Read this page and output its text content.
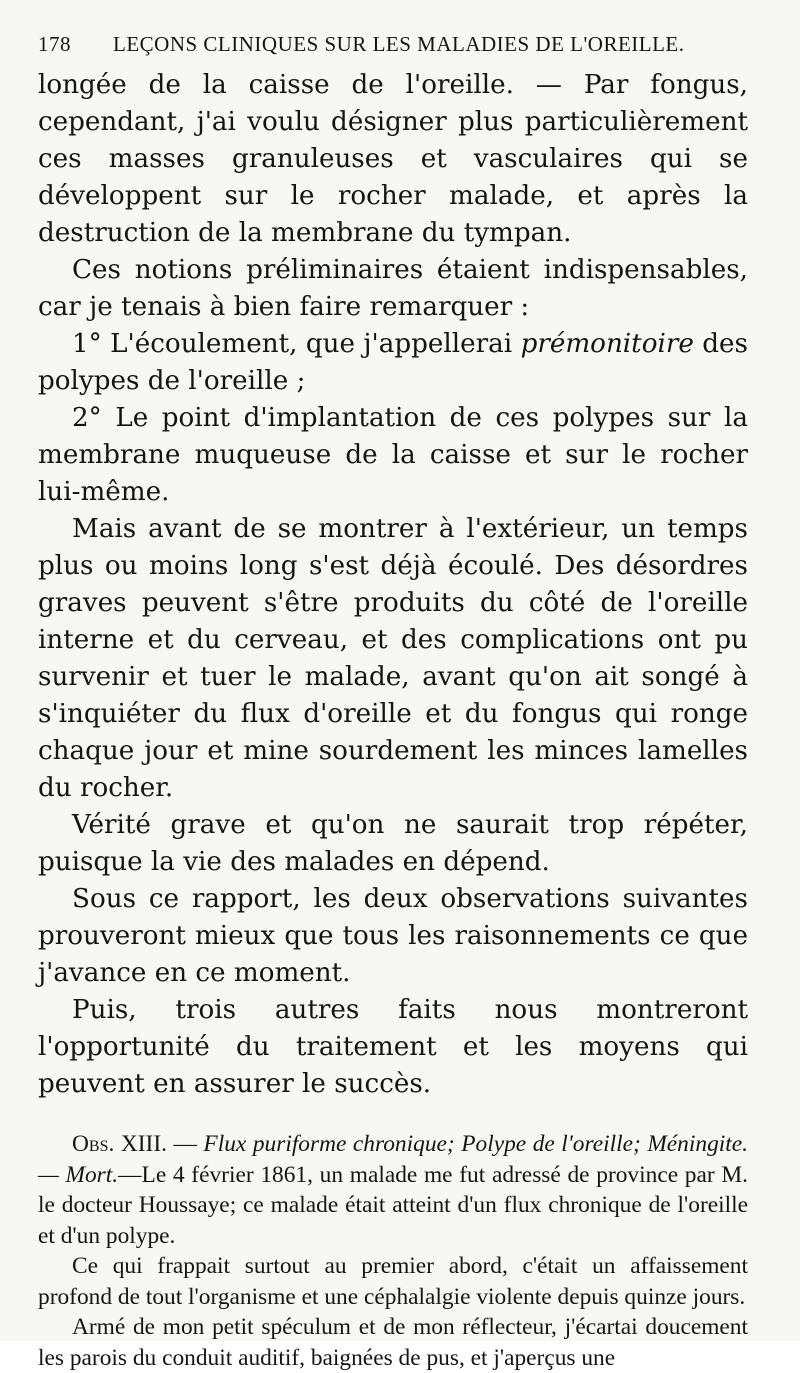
178 LEÇONS CLINIQUES SUR LES MALADIES DE L'OREILLE.

longée de la caisse de l'oreille. — Par fongus, cependant, j'ai voulu désigner plus particulièrement ces masses granuleuses et vasculaires qui se développent sur le rocher malade, et après la destruction de la membrane du tympan.

Ces notions préliminaires étaient indispensables, car je tenais à bien faire remarquer :

1° L'écoulement, que j'appellerai prémonitoire des polypes de l'oreille ;

2° Le point d'implantation de ces polypes sur la membrane muqueuse de la caisse et sur le rocher lui-même.

Mais avant de se montrer à l'extérieur, un temps plus ou moins long s'est déjà écoulé. Des désordres graves peuvent s'être produits du côté de l'oreille interne et du cerveau, et des complications ont pu survenir et tuer le malade, avant qu'on ait songé à s'inquiéter du flux d'oreille et du fongus qui ronge chaque jour et mine sourdement les minces lamelles du rocher.

Vérité grave et qu'on ne saurait trop répéter, puisque la vie des malades en dépend.

Sous ce rapport, les deux observations suivantes prouveront mieux que tous les raisonnements ce que j'avance en ce moment.

Puis, trois autres faits nous montreront l'opportunité du traitement et les moyens qui peuvent en assurer le succès.

Obs. XIII. — Flux puriforme chronique; Polype de l'oreille; Méningite.— Mort.—Le 4 février 1861, un malade me fut adressé de province par M. le docteur Houssaye; ce malade était atteint d'un flux chronique de l'oreille et d'un polype.

Ce qui frappait surtout au premier abord, c'était un affaissement profond de tout l'organisme et une céphalalgie violente depuis quinze jours.

Armé de mon petit spéculum et de mon réflecteur, j'écartai doucement les parois du conduit auditif, baignées de pus, et j'aperçus une
